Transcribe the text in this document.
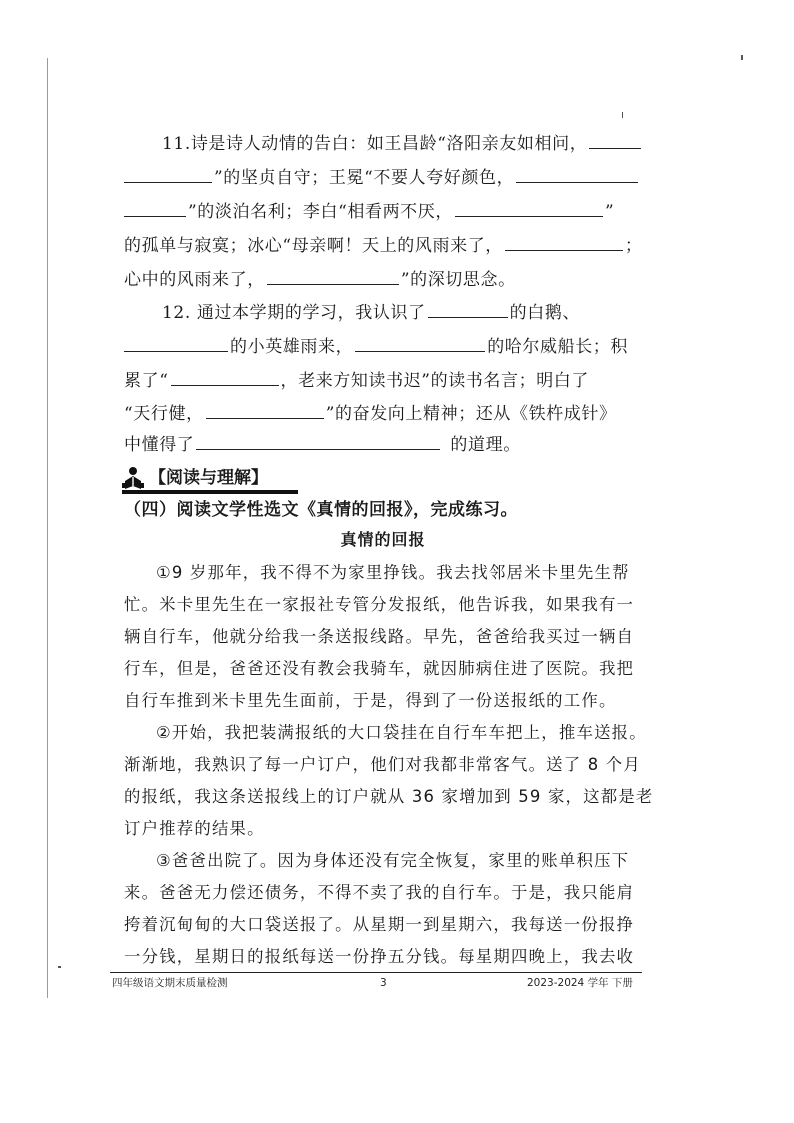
11.诗是诗人动情的告白：如王昌龄“洛阳亲友如相问，
”的坚贞自守；王冕“不要人夸好颜色，
”的淡泊名利；李白“相看两不厌，	”
的孤单与寂寞；冰心“母亲啊！天上的风雨来了，	；
心中的风雨来了，	”的深切思念。
12. 通过本学期的学习，我认识了	的白鹅、
的小英雄雨来，	的哈尔威船长；积
累了“	，老来方知读书迟”的读书名言；明白了
“天行健，	”的奋发向上精神；还从《铁杵成针》
中懂得了	的道理。
【阅读与理解】
（四）阅读文学性选文《真情的回报》，完成练习。
真情的回报
①9 岁那年，我不得不为家里挣钱。我去找邻居米卡里先生帮
忙。米卡里先生在一家报社专管分发报纸，他告诉我，如果我有一
辆自行车，他就分给我一条送报线路。早先，爸爸给我买过一辆自
行车，但是，爸爸还没有教会我骑车，就因肺病住进了医院。我把
自行车推到米卡里先生面前，于是，得到了一份送报纸的工作。
②开始，我把装满报纸的大口袋挂在自行车车把上，推车送报。
渐渐地，我熟识了每一户订户，他们对我都非常客气。送了 8 个月
的报纸，我这条送报线上的订户就从 36 家增加到 59 家，这都是老
订户推荐的结果。
③爸爸出院了。因为身体还没有完全恢复，家里的账单积压下
来。爸爸无力偿还债务，不得不卖了我的自行车。于是，我只能肩
挎着沉甸甸的大口袋送报了。从星期一到星期六，我每送一份报挣
一分钱，星期日的报纸每送一份挣五分钱。每星期四晚上，我去收
四年级语文期末质量检测	3	2023-2024 学年 下册
